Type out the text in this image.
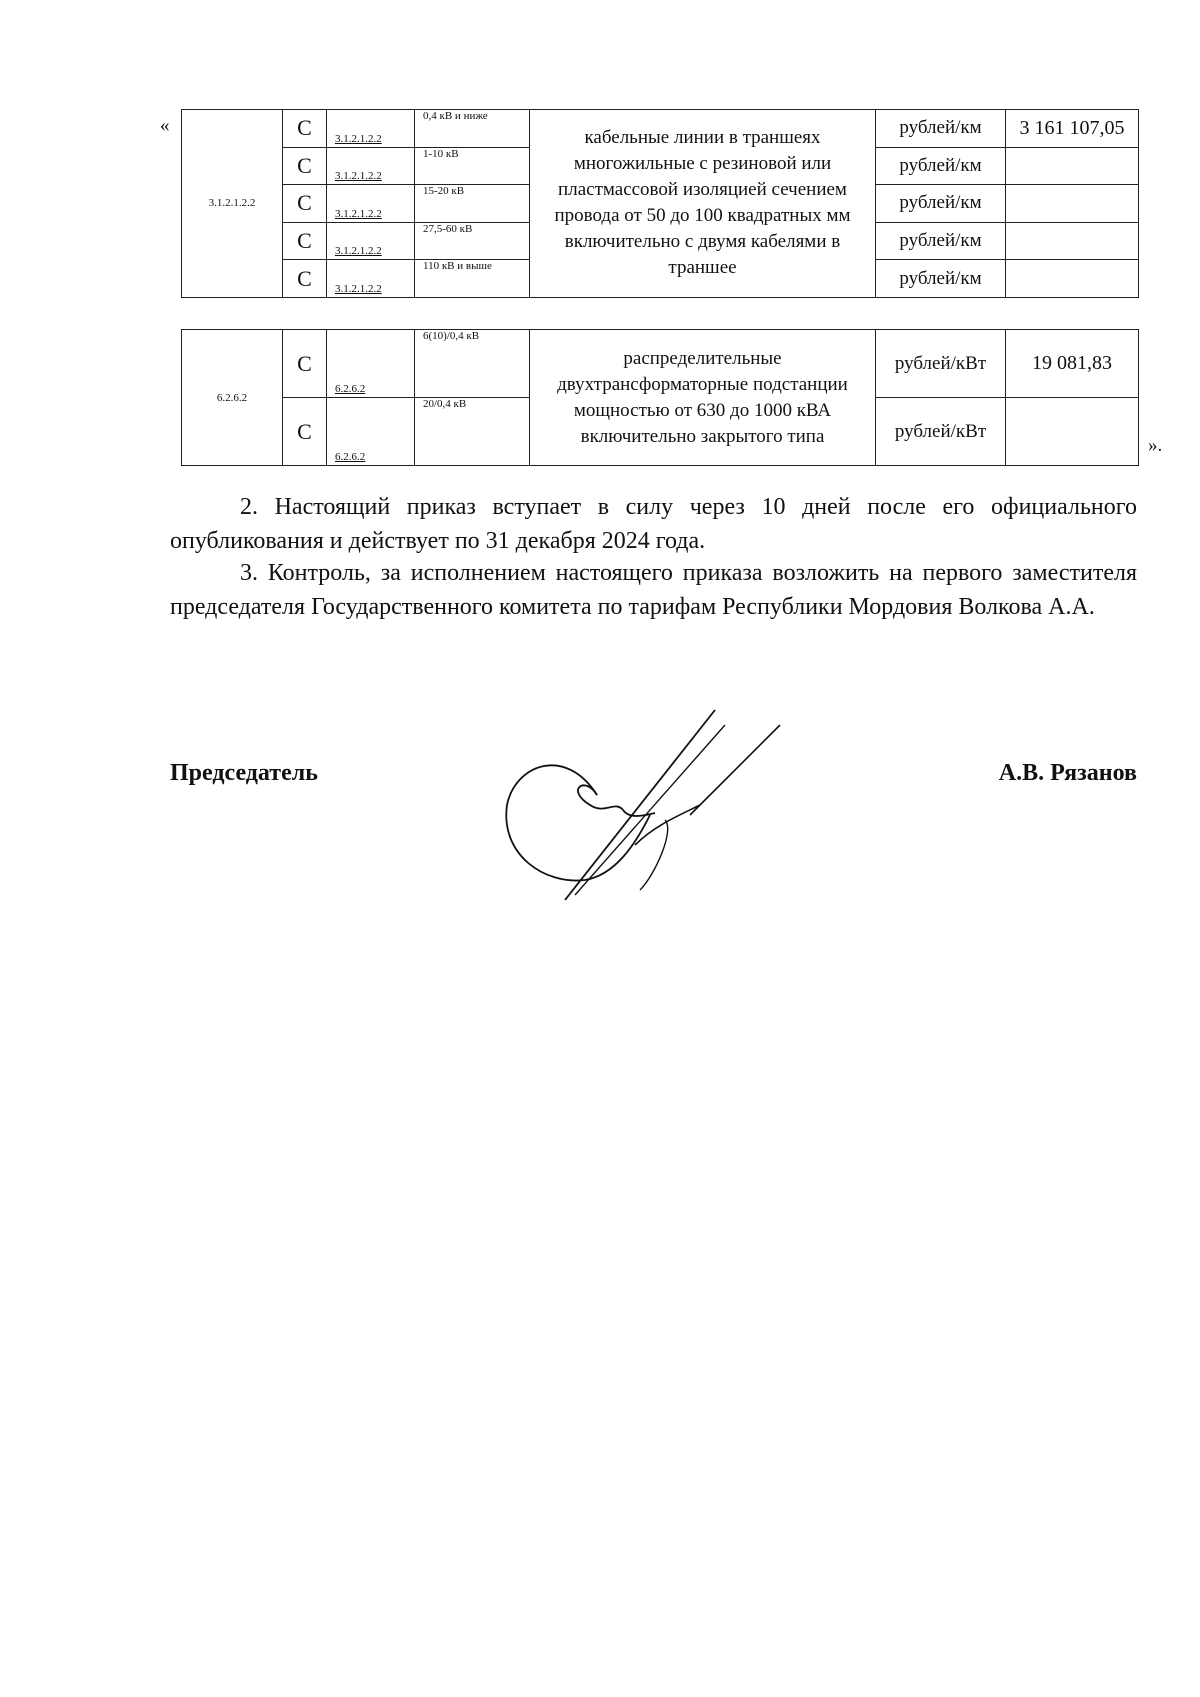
«
3.1.2.1.2.2	С	3.1.2.1.2.2	0,4 кВ и ниже	кабельные линии в траншеях многожильные с резиновой или пластмассовой изоляцией сечением провода от 50 до 100 квадратных мм включительно с двумя кабелями в траншее	рублей/км	3 161 107,05
	С	3.1.2.1.2.2	1-10 кВ		рублей/км	
	С	3.1.2.1.2.2	15-20 кВ		рублей/км	
	С	3.1.2.1.2.2	27,5-60 кВ		рублей/км	
	С	3.1.2.1.2.2	110 кВ и выше		рублей/км	
6.2.6.2	С	6.2.6.2	6(10)/0,4 кВ	распределительные двухтрансформаторные подстанции мощностью от 630 до 1000 кВА включительно закрытого типа	рублей/кВт	19 081,83
	С	6.2.6.2	20/0,4 кВ		рублей/кВт	
».

2. Настоящий приказ вступает в силу через 10 дней после его официального опубликования и действует по 31 декабря 2024 года.

3. Контроль, за исполнением настоящего приказа возложить на первого заместителя председателя Государственного комитета по тарифам Республики Мордовия Волкова А.А.

Председатель	А.В. Рязанов
